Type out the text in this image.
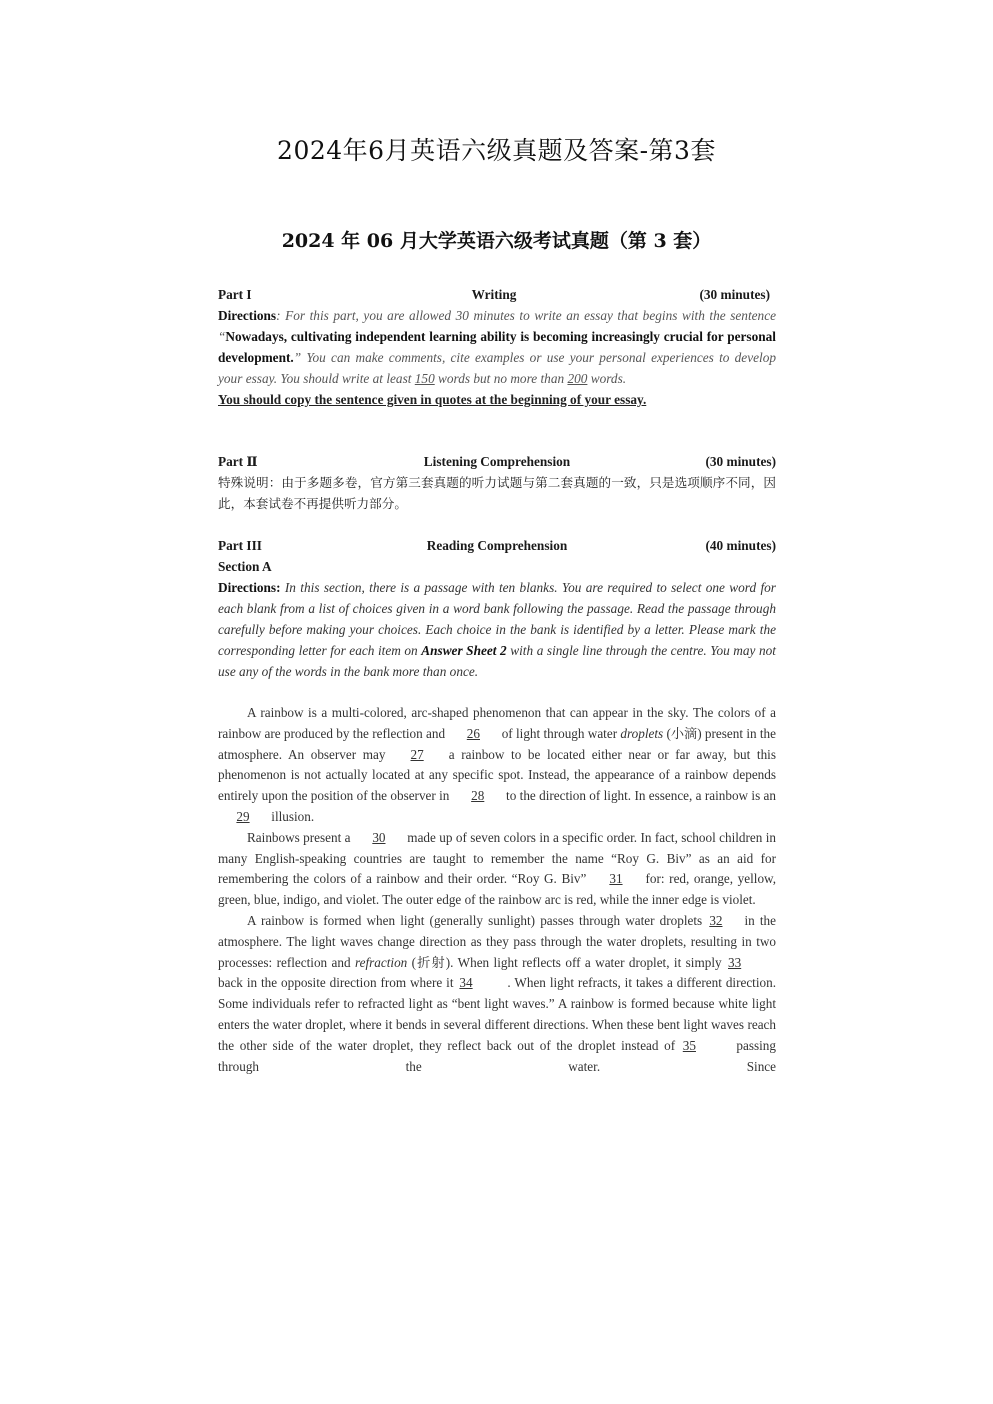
2024年6月英语六级真题及答案-第3套
2024 年 06 月大学英语六级考试真题（第 3 套）
Part I	Writing	(30 minutes)
Directions: For this part, you are allowed 30 minutes to write an essay that begins with the sentence “Nowadays, cultivating independent learning ability is becoming increasingly crucial for personal development.” You can make comments, cite examples or use your personal experiences to develop your essay. You should write at least 150 words but no more than 200 words.
You should copy the sentence given in quotes at the beginning of your essay.
Part Ⅱ	Listening Comprehension	(30 minutes)
特殊说明：由于多题多卷，官方第三套真题的听力试题与第二套真题的一致，只是选项顺序不同，因此，本套试卷不再提供听力部分。
Part III	Reading Comprehension	(40 minutes)
Section A
Directions: In this section, there is a passage with ten blanks. You are required to select one word for each blank from a list of choices given in a word bank following the passage. Read the passage through carefully before making your choices. Each choice in the bank is identified by a letter. Please mark the corresponding letter for each item on Answer Sheet 2 with a single line through the centre. You may not use any of the words in the bank more than once.
A rainbow is a multi-colored, arc-shaped phenomenon that can appear in the sky. The colors of a rainbow are produced by the reflection and 26 of light through water droplets (小滴) present in the atmosphere. An observer may 27 a rainbow to be located either near or far away, but this phenomenon is not actually located at any specific spot. Instead, the appearance of a rainbow depends entirely upon the position of the observer in 28 to the direction of light. In essence, a rainbow is an 29 illusion.
Rainbows present a 30 made up of seven colors in a specific order. In fact, school children in many English-speaking countries are taught to remember the name “Roy G. Biv” as an aid for remembering the colors of a rainbow and their order. “Roy G. Biv” 31 for: red, orange, yellow, green, blue, indigo, and violet. The outer edge of the rainbow arc is red, while the inner edge is violet.
A rainbow is formed when light (generally sunlight) passes through water droplets 32 in the atmosphere. The light waves change direction as they pass through the water droplets, resulting in two processes: reflection and refraction (折射). When light reflects off a water droplet, it simply 33 back in the opposite direction from where it 34	. When light refracts, it takes a different direction. Some individuals refer to refracted light as “bent light waves.” A rainbow is formed because white light enters the water droplet, where it bends in several different directions. When these bent light waves reach the other side of the water droplet, they reflect back out of the droplet instead of 35	passing through the water. Since
